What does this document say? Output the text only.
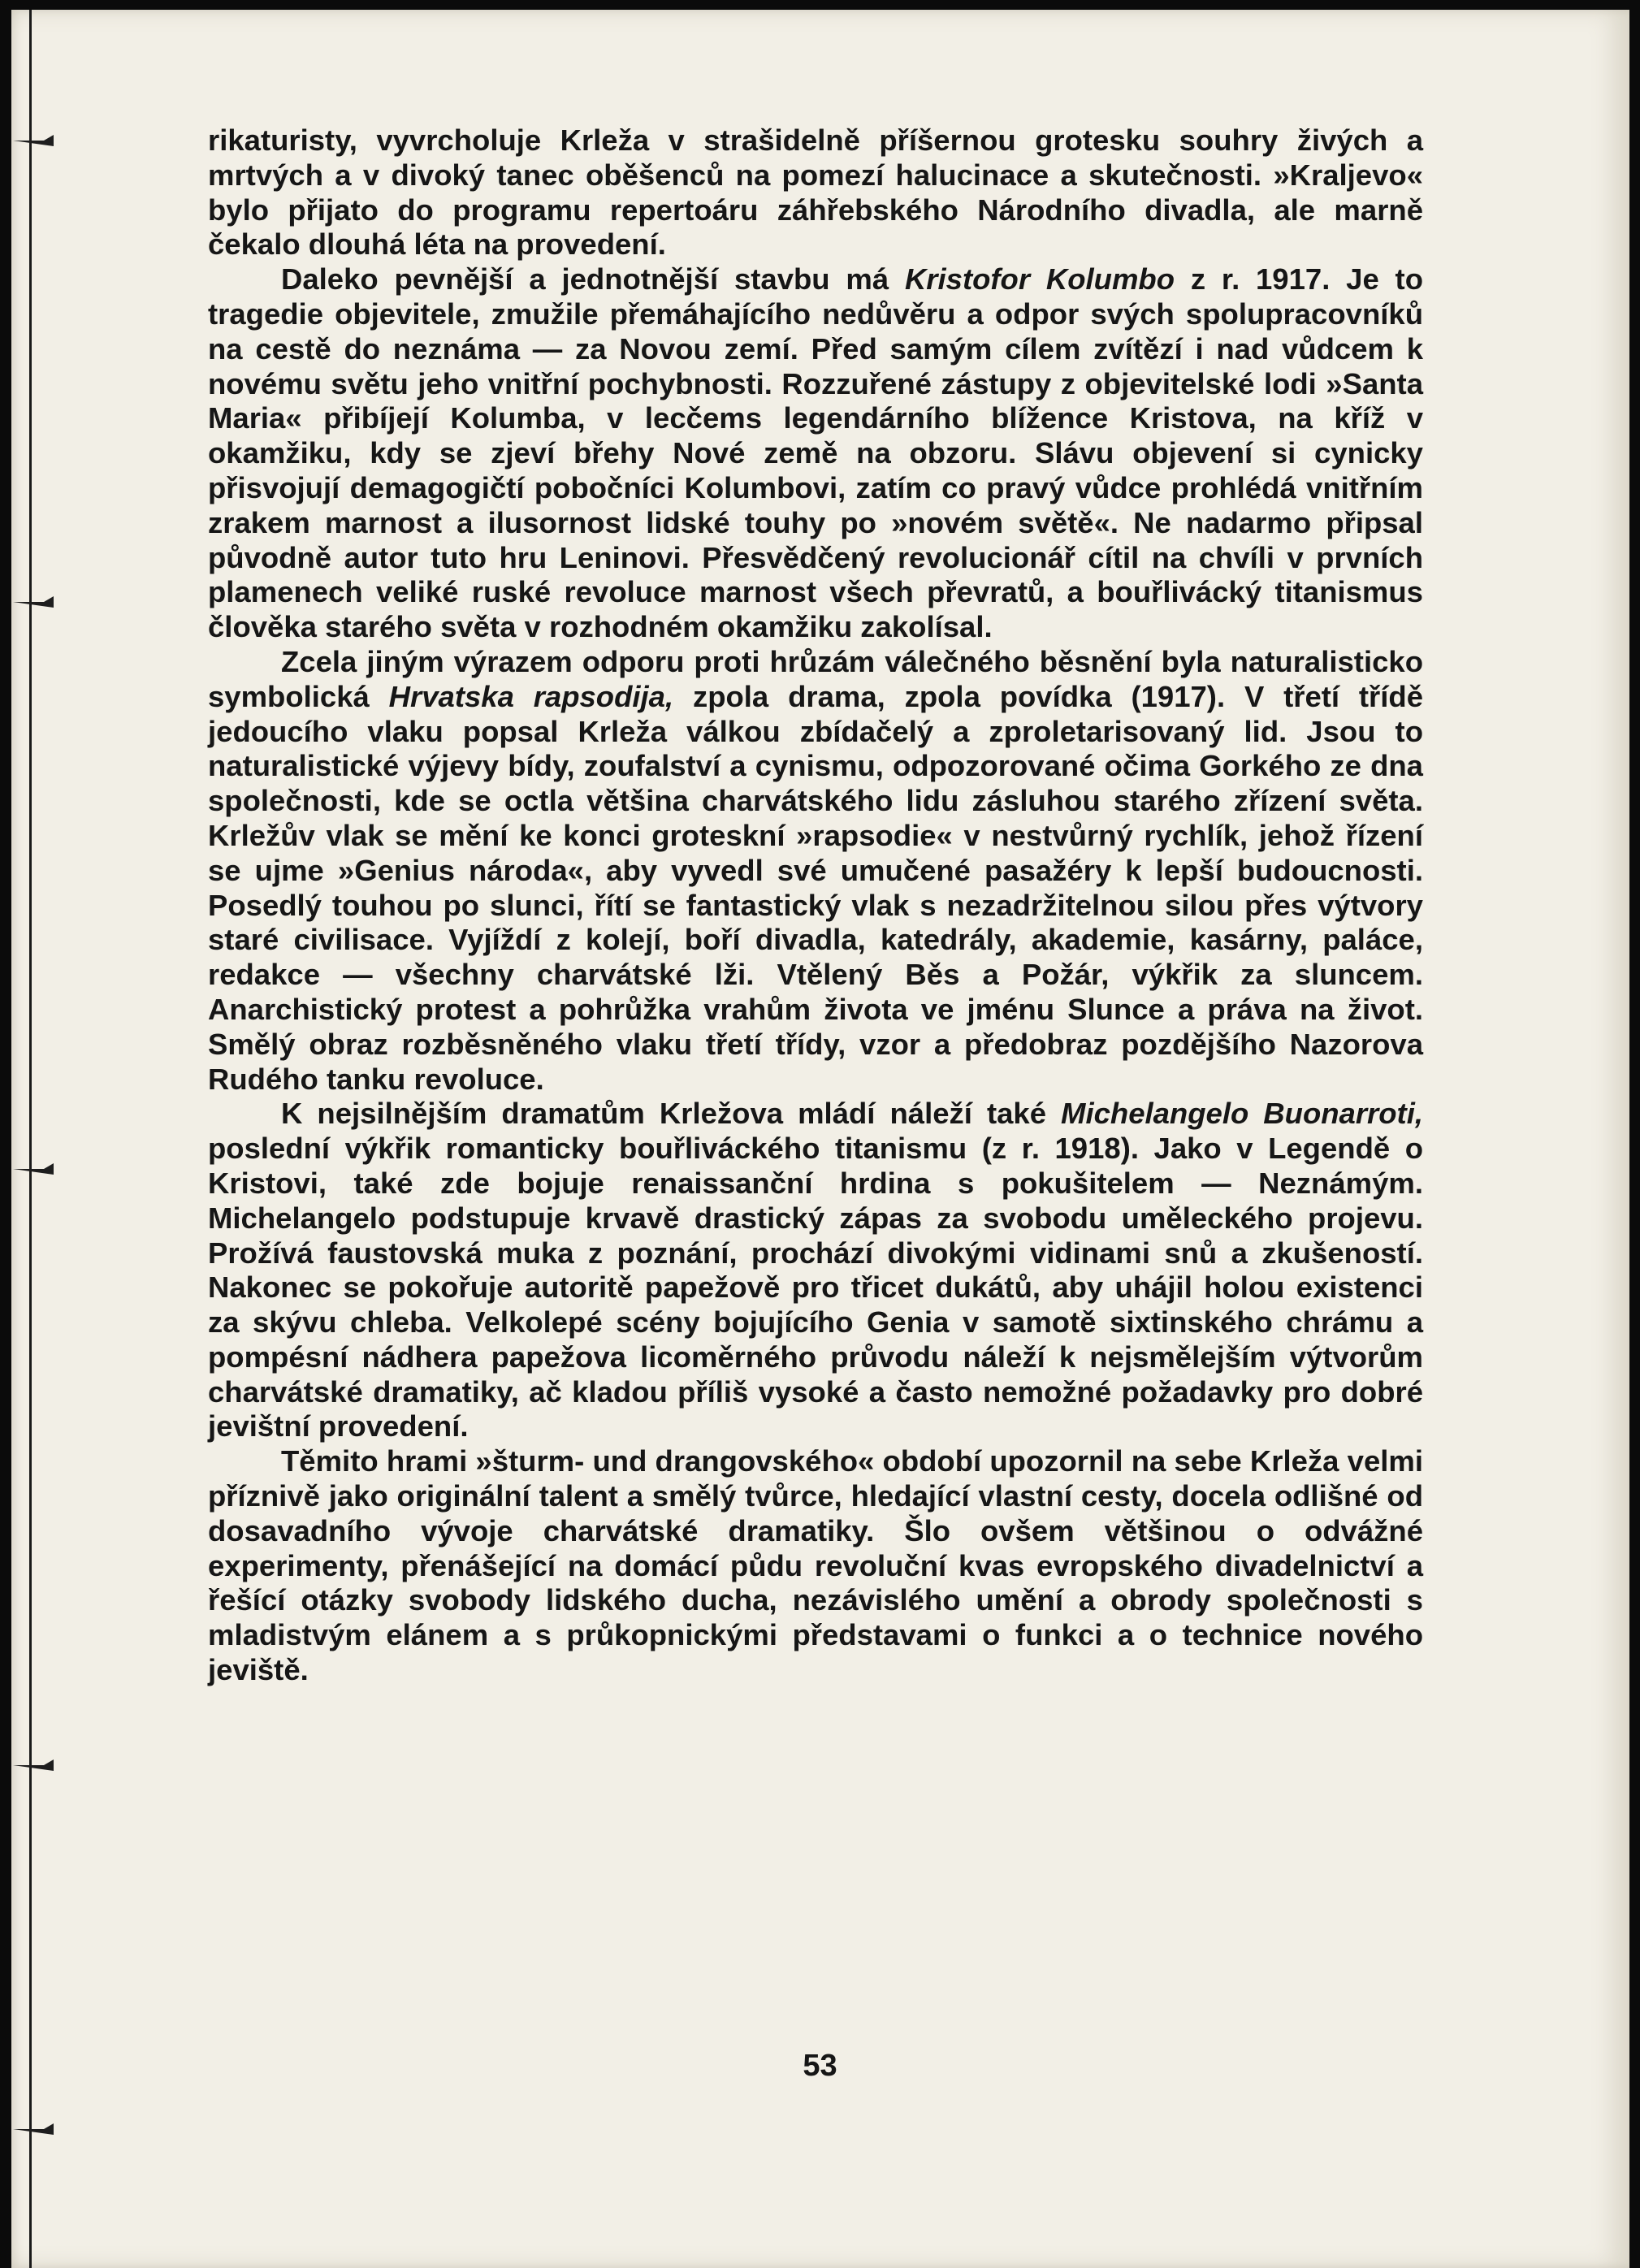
rikaturisty, vyvrcholuje Krleža v strašidelně příšernou grotesku souhry živých a mrtvých a v divoký tanec oběšenců na pomezí halucinace a skutečnosti. »Kraljevo« bylo přijato do programu repertoáru záhřebského Národního divadla, ale marně čekalo dlouhá léta na provedení.

Daleko pevnější a jednotnější stavbu má Kristofor Kolumbo z r. 1917. Je to tragedie objevitele, zmužile přemáhajícího nedůvěru a odpor svých spolupracovníků na cestě do neznáma — za Novou zemí. Před samým cílem zvítězí i nad vůdcem k novému světu jeho vnitřní pochybnosti. Rozzuřené zástupy z objevitelské lodi »Santa Maria« přibíjejí Kolumba, v lecčems legendárního blížence Kristova, na kříž v okamžiku, kdy se zjeví břehy Nové země na obzoru. Slávu objevení si cynicky přisvojují demagogičtí pobočníci Kolumbovi, zatím co pravý vůdce prohlédá vnitřním zrakem marnost a ilusornost lidské touhy po »novém světě«. Ne nadarmo připsal původně autor tuto hru Leninovi. Přesvědčený revolucionář cítil na chvíli v prvních plamenech veliké ruské revoluce marnost všech převratů, a bouřlivácký titanismus člověka starého světa v rozhodném okamžiku zakolísal.

Zcela jiným výrazem odporu proti hrůzám válečného běsnění byla naturalisticko symbolická Hrvatska rapsodija, zpola drama, zpola povídka (1917). V třetí třídě jedoucího vlaku popsal Krleža válkou zbídačelý a zproletarisovaný lid. Jsou to naturalistické výjevy bídy, zoufalství a cynismu, odpozorované očima Gorkého ze dna společnosti, kde se octla většina charvátského lidu zásluhou starého zřízení světa. Krležův vlak se mění ke konci groteskní »rapsodie« v nestvůrný rychlík, jehož řízení se ujme »Genius národa«, aby vyvedl své umučené pasažéry k lepší budoucnosti. Posedlý touhou po slunci, řítí se fantastický vlak s nezadržitelnou silou přes výtvory staré civilisace. Vyjíždí z kolejí, boří divadla, katedrály, akademie, kasárny, paláce, redakce — všechny charvátské lži. Vtělený Běs a Požár, výkřik za sluncem. Anarchistický protest a pohrůžka vrahům života ve jménu Slunce a práva na život. Smělý obraz rozběsněného vlaku třetí třídy, vzor a předobraz pozdějšího Nazorova Rudého tanku revoluce.

K nejsilnějším dramatům Krležova mládí náleží také Michelangelo Buonarroti, poslední výkřik romanticky bouřliváckého titanismu (z r. 1918). Jako v Legendě o Kristovi, také zde bojuje renaissanční hrdina s pokušitelem — Neznámým. Michelangelo podstupuje krvavě drastický zápas za svobodu uměleckého projevu. Prožívá faustovská muka z poznání, prochází divokými vidinami snů a zkušeností. Nakonec se pokořuje autoritě papežově pro třicet dukátů, aby uhájil holou existenci za skývu chleba. Velkolepé scény bojujícího Genia v samotě sixtinského chrámu a pompésní nádhera papežova licoměrného průvodu náleží k nejsmělejším výtvorům charvátské dramatiky, ač kladou příliš vysoké a často nemožné požadavky pro dobré jevištní provedení.

Těmito hrami »šturm- und drangovského« období upozornil na sebe Krleža velmi příznivě jako originální talent a smělý tvůrce, hledající vlastní cesty, docela odlišné od dosavadního vývoje charvátské dramatiky. Šlo ovšem většinou o odvážné experimenty, přenášející na domácí půdu revoluční kvas evropského divadelnictví a řešící otázky svobody lidského ducha, nezávislého umění a obrody společnosti s mladistvým elánem a s průkopnickými představami o funkci a o technice nového jeviště.

53
